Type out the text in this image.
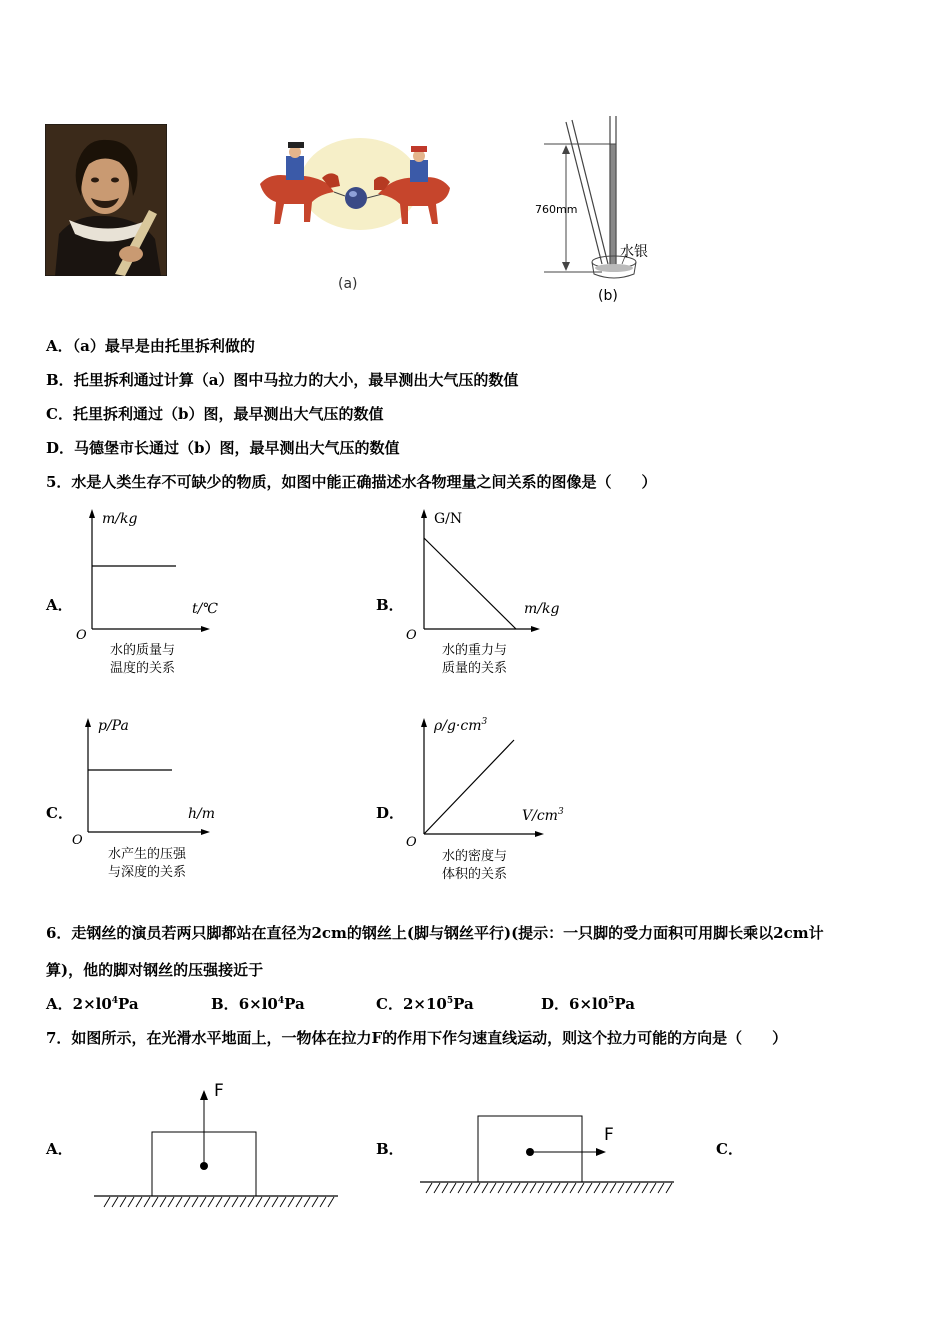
(a)
760mm
水银
(b)
A．（a）最早是由托里拆利做的
B．托里拆利通过计算（a）图中马拉力的大小，最早测出大气压的数值
C．托里拆利通过（b）图，最早测出大气压的数值
D．马德堡市长通过（b）图，最早测出大气压的数值
5．水是人类生存不可缺少的物质，如图中能正确描述水各物理量之间关系的图像是（　　）
A．
m/kg
t/℃
O
水的质量与
温度的关系
B．
G/N
m/kg
O
水的重力与
质量的关系
C．
p/Pa
h/m
O
水产生的压强
与深度的关系
D．
$\rho/g\cdot cm^3$
$V/cm^3$
O
水的密度与
体积的关系
6．走钢丝的演员若两只脚都站在直径为2cm的钢丝上(脚与钢丝平行)(提示：一只脚的受力面积可用脚长乘以2cm计
算)，他的脚对钢丝的压强接近于
A．$2\times l0^4Pa$	B．$6\times l0^4Pa$	C．$2\times 10^5Pa$	D．$6\times l0^5Pa$
7．如图所示，在光滑水平地面上，一物体在拉力F的作用下作匀速直线运动，则这个拉力可能的方向是（　　）
A．
F
B．
F
C．
